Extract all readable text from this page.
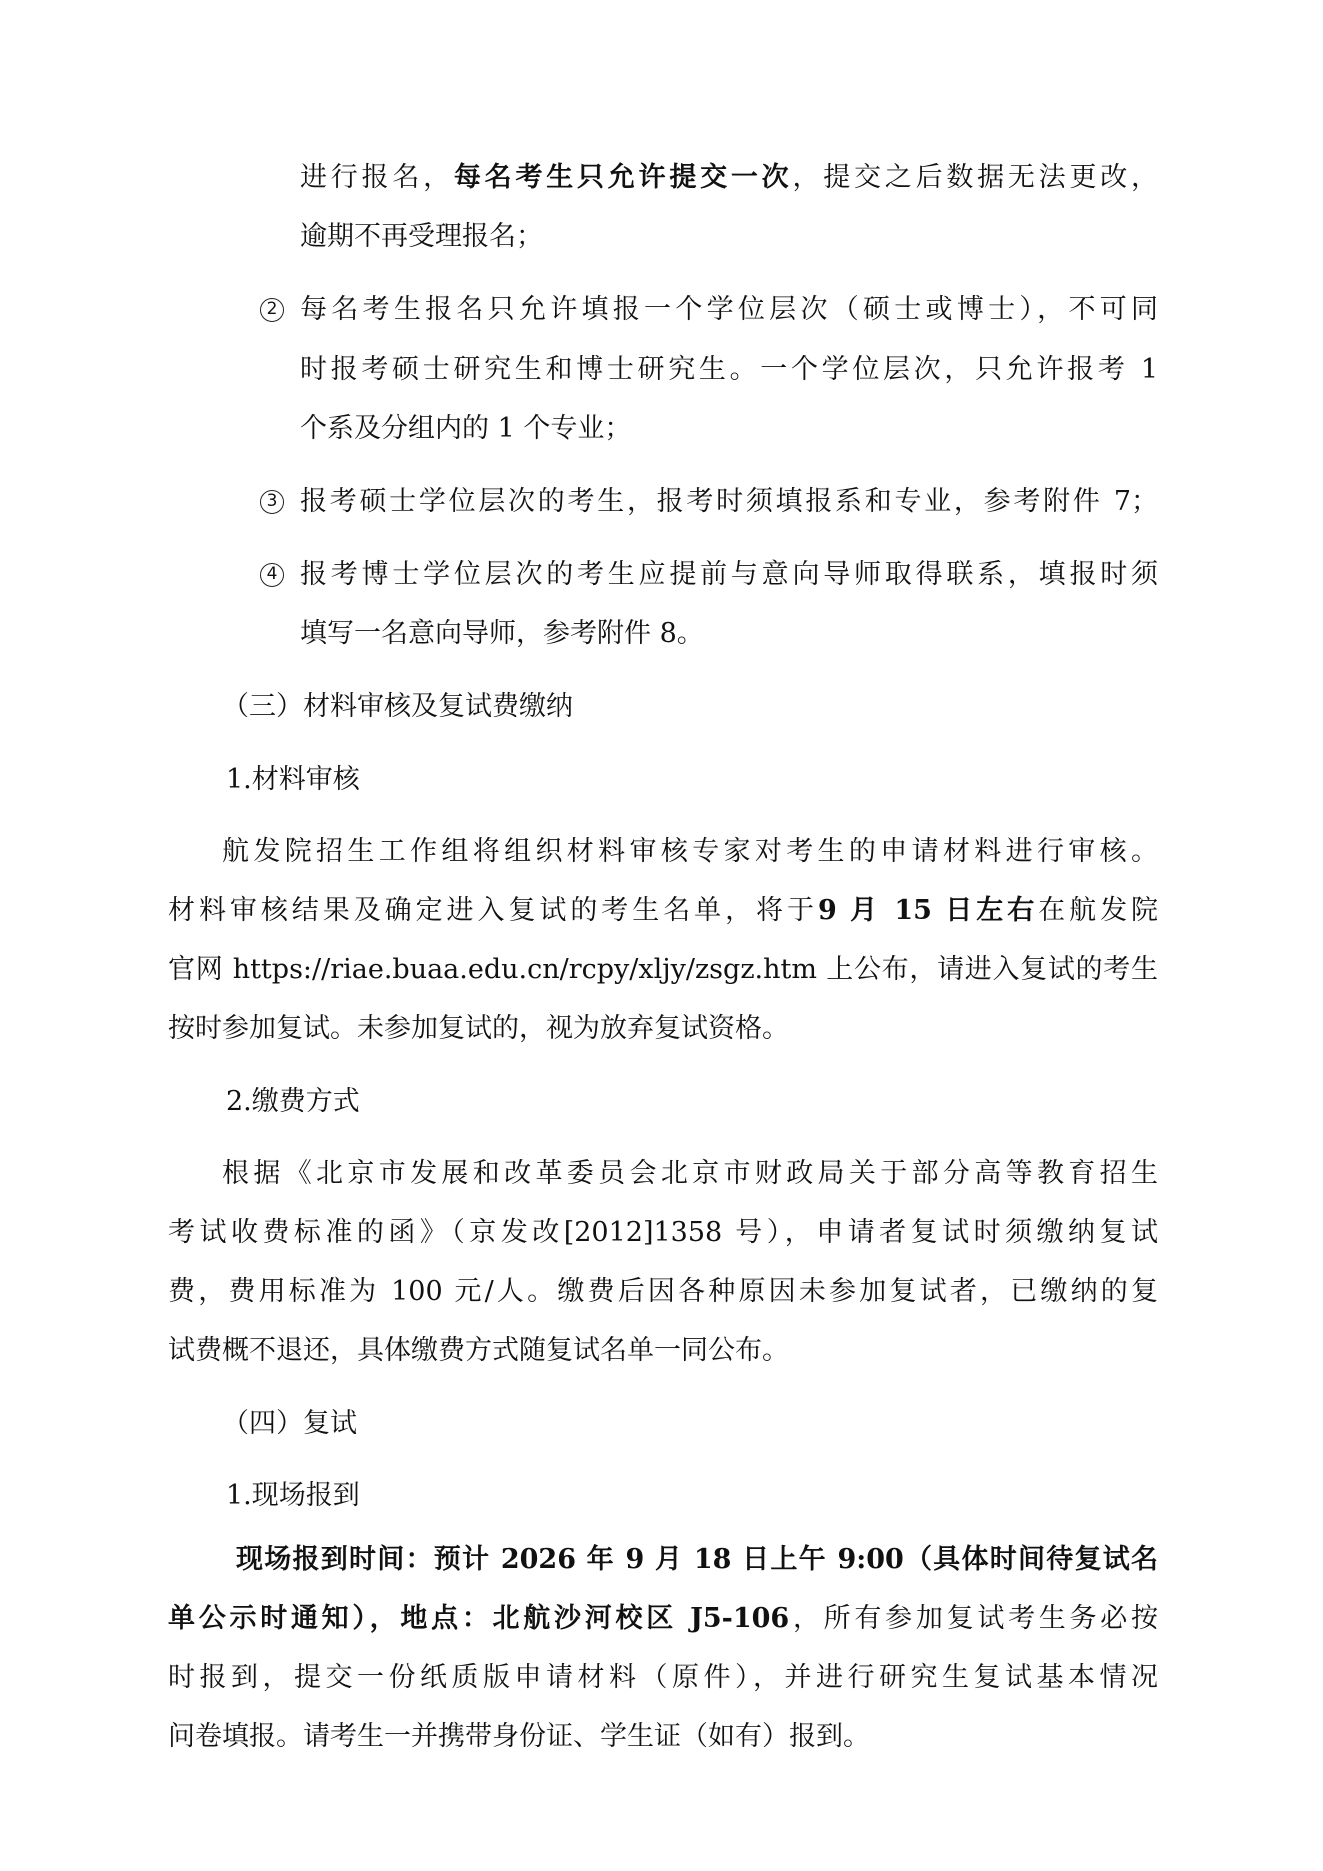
进行报名，每名考生只允许提交一次，提交之后数据无法更改，
逾期不再受理报名；
2 每名考生报名只允许填报一个学位层次（硕士或博士），不可同
时报考硕士研究生和博士研究生。一个学位层次，只允许报考 1
个系及分组内的 1 个专业；
3 报考硕士学位层次的考生，报考时须填报系和专业，参考附件 7；
4 报考博士学位层次的考生应提前与意向导师取得联系，填报时须
填写一名意向导师，参考附件 8。
（三）材料审核及复试费缴纳
1.材料审核
航发院招生工作组将组织材料审核专家对考生的申请材料进行审核。
材料审核结果及确定进入复试的考生名单，将于9 月 15 日左右在航发院
官网 https://riae.buaa.edu.cn/rcpy/xljy/zsgz.htm 上公布，请进入复试的考生
按时参加复试。未参加复试的，视为放弃复试资格。
2.缴费方式
根据《北京市发展和改革委员会北京市财政局关于部分高等教育招生
考试收费标准的函》（京发改[2012]1358 号），申请者复试时须缴纳复试
费，费用标准为 100 元/人。缴费后因各种原因未参加复试者，已缴纳的复
试费概不退还，具体缴费方式随复试名单一同公布。
（四）复试
1.现场报到
现场报到时间：预计 2026 年 9 月 18 日上午 9:00（具体时间待复试名
单公示时通知），地点：北航沙河校区 J5-106，所有参加复试考生务必按
时报到，提交一份纸质版申请材料（原件），并进行研究生复试基本情况
问卷填报。请考生一并携带身份证、学生证（如有）报到。
